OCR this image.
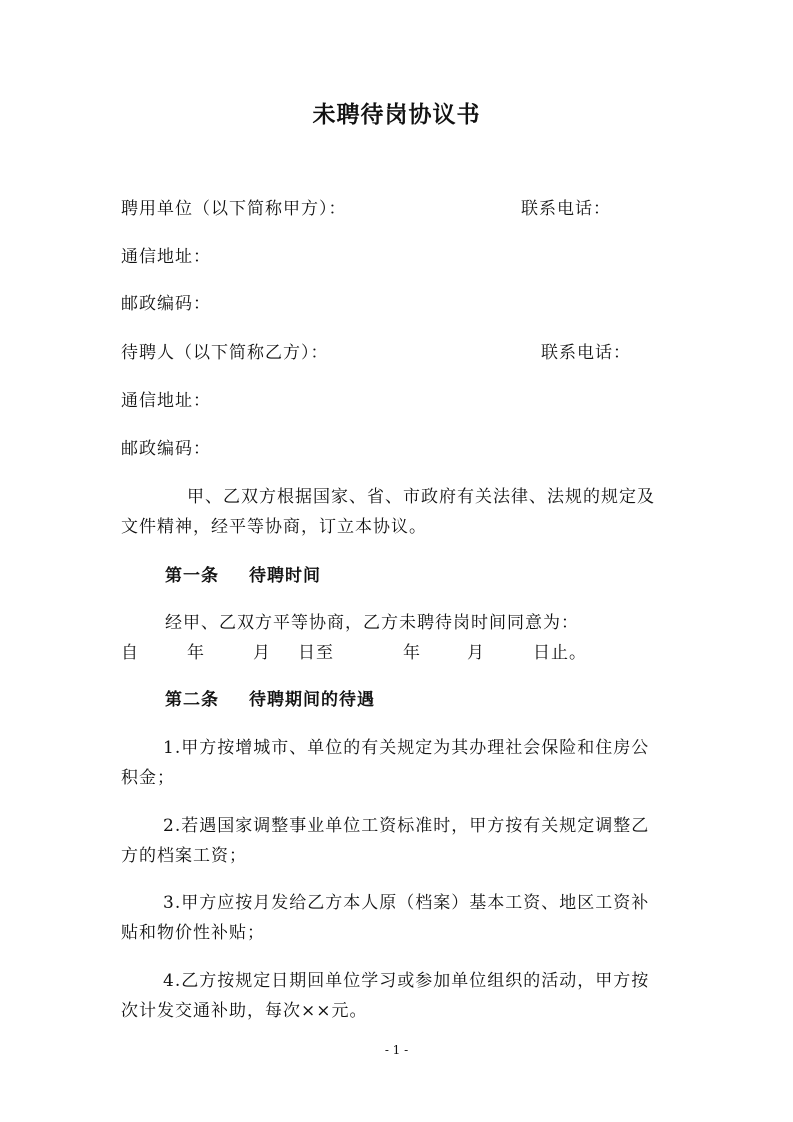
未聘待岗协议书
聘用单位（以下简称甲方）：	联系电话：
通信地址：
邮政编码：
待聘人（以下简称乙方）：	联系电话：
通信地址：
邮政编码：
甲、乙双方根据国家、省、市政府有关法律、法规的规定及
文件精神，经平等协商，订立本协议。
第一条 待聘时间
经甲、乙双方平等协商，乙方未聘待岗时间同意为：
自	年	月 日至	年	月	日止。
第二条 待聘期间的待遇
1.甲方按增城市、单位的有关规定为其办理社会保险和住房公
积金；
2.若遇国家调整事业单位工资标准时，甲方按有关规定调整乙
方的档案工资；
3.甲方应按月发给乙方本人原（档案）基本工资、地区工资补
贴和物价性补贴；
4.乙方按规定日期回单位学习或参加单位组织的活动，甲方按
次计发交通补助，每次××元。
- 1 -
